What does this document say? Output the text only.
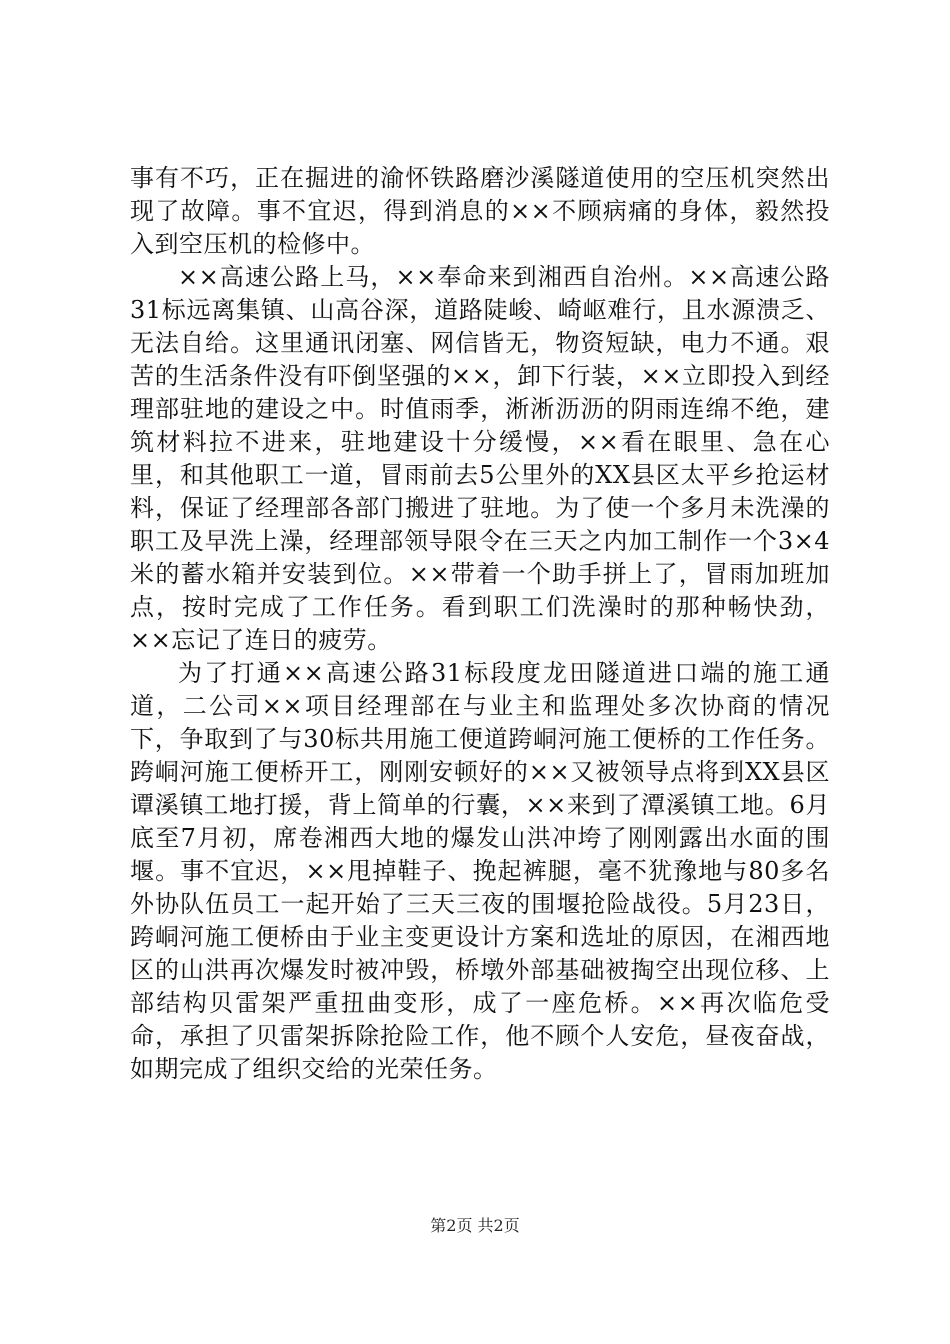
事有不巧，正在掘进的渝怀铁路磨沙溪隧道使用的空压机突然出现了故障。事不宜迟，得到消息的××不顾病痛的身体，毅然投入到空压机的检修中。

××高速公路上马，××奉命来到湘西自治州。××高速公路31标远离集镇、山高谷深，道路陡峻、崎岖难行，且水源溃乏、无法自给。这里通讯闭塞、网信皆无，物资短缺，电力不通。艰苦的生活条件没有吓倒坚强的××，卸下行装，××立即投入到经理部驻地的建设之中。时值雨季，淅淅沥沥的阴雨连绵不绝，建筑材料拉不进来，驻地建设十分缓慢，××看在眼里、急在心里，和其他职工一道，冒雨前去5公里外的XX县区太平乡抢运材料，保证了经理部各部门搬进了驻地。为了使一个多月未洗澡的职工及早洗上澡，经理部领导限令在三天之内加工制作一个3×4米的蓄水箱并安装到位。××带着一个助手拼上了，冒雨加班加点，按时完成了工作任务。看到职工们洗澡时的那种畅快劲，××忘记了连日的疲劳。

为了打通××高速公路31标段度龙田隧道进口端的施工通道，二公司××项目经理部在与业主和监理处多次协商的情况下，争取到了与30标共用施工便道跨峒河施工便桥的工作任务。跨峒河施工便桥开工，刚刚安顿好的××又被领导点将到XX县区谭溪镇工地打援，背上简单的行囊，××来到了潭溪镇工地。6月底至7月初，席卷湘西大地的爆发山洪冲垮了刚刚露出水面的围堰。事不宜迟，××甩掉鞋子、挽起裤腿，毫不犹豫地与80多名外协队伍员工一起开始了三天三夜的围堰抢险战役。5月23日，跨峒河施工便桥由于业主变更设计方案和选址的原因，在湘西地区的山洪再次爆发时被冲毁，桥墩外部基础被掏空出现位移、上部结构贝雷架严重扭曲变形，成了一座危桥。××再次临危受命，承担了贝雷架拆除抢险工作，他不顾个人安危，昼夜奋战，如期完成了组织交给的光荣任务。

第2页 共2页
